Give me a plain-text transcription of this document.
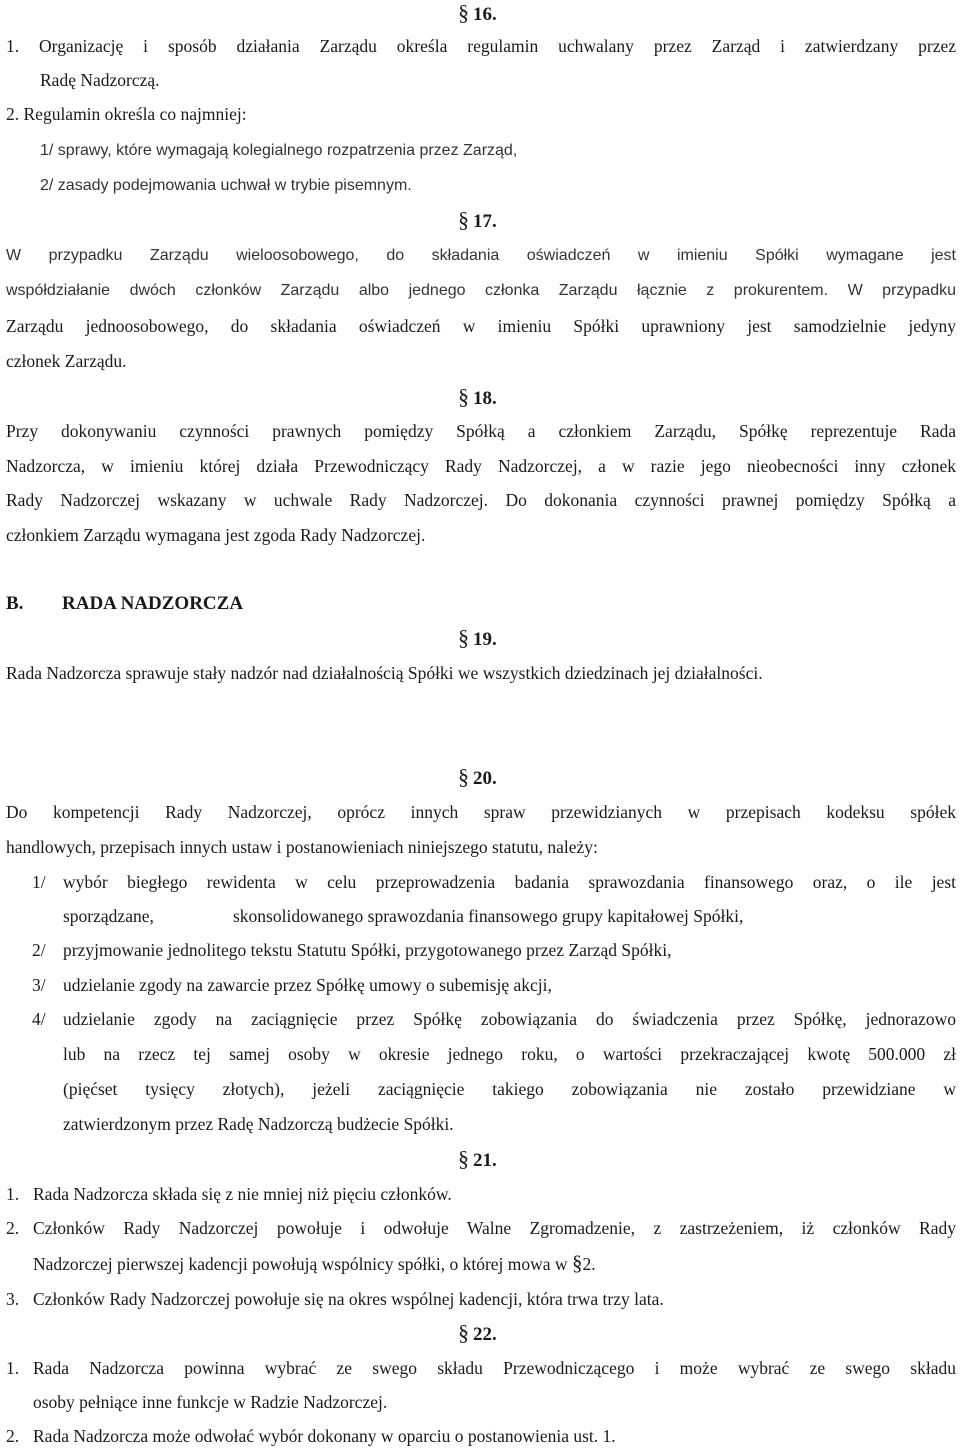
§ 16.
1. Organizację i sposób działania Zarządu określa regulamin uchwalany przez Zarząd i zatwierdzany przez
Radę Nadzorczą.
2. Regulamin określa co najmniej:
1/ sprawy, które wymagają kolegialnego rozpatrzenia przez Zarząd,
2/ zasady podejmowania uchwał w trybie pisemnym.
§ 17.
W przypadku Zarządu wieloosobowego, do składania oświadczeń w imieniu Spółki wymagane jest
współdziałanie dwóch członków Zarządu albo jednego członka Zarządu łącznie z prokurentem. W przypadku
Zarządu jednoosobowego, do składania oświadczeń w imieniu Spółki uprawniony jest samodzielnie jedyny
członek Zarządu.
§ 18.
Przy dokonywaniu czynności prawnych pomiędzy Spółką a członkiem Zarządu, Spółkę reprezentuje Rada
Nadzorcza, w imieniu której działa Przewodniczący Rady Nadzorczej, a w razie jego nieobecności inny członek
Rady Nadzorczej wskazany w uchwale Rady Nadzorczej. Do dokonania czynności prawnej pomiędzy Spółką a
członkiem Zarządu wymagana jest zgoda Rady Nadzorczej.
B. RADA NADZORCZA
§ 19.
Rada Nadzorcza sprawuje stały nadzór nad działalnością Spółki we wszystkich dziedzinach jej działalności.
§ 20.
Do kompetencji Rady Nadzorczej, oprócz innych spraw przewidzianych w przepisach kodeksu spółek
handlowych, przepisach innych ustaw i postanowieniach niniejszego statutu, należy:
1/ wybór biegłego rewidenta w celu przeprowadzenia badania sprawozdania finansowego oraz, o ile jest
sporządzane,	skonsolidowanego sprawozdania finansowego grupy kapitałowej Spółki,
2/ przyjmowanie jednolitego tekstu Statutu Spółki, przygotowanego przez Zarząd Spółki,
3/ udzielanie zgody na zawarcie przez Spółkę umowy o subemisję akcji,
4/ udzielanie zgody na zaciągnięcie przez Spółkę zobowiązania do świadczenia przez Spółkę, jednorazowo
lub na rzecz tej samej osoby w okresie jednego roku, o wartości przekraczającej kwotę 500.000 zł
(pięćset tysięcy złotych), jeżeli zaciągnięcie takiego zobowiązania nie zostało przewidziane w
zatwierdzonym przez Radę Nadzorczą budżecie Spółki.
§ 21.
1. Rada Nadzorcza składa się z nie mniej niż pięciu członków.
2. Członków Rady Nadzorczej powołuje i odwołuje Walne Zgromadzenie, z zastrzeżeniem, iż członków Rady
Nadzorczej pierwszej kadencji powołują wspólnicy spółki, o której mowa w §2.
3. Członków Rady Nadzorczej powołuje się na okres wspólnej kadencji, która trwa trzy lata.
§ 22.
1. Rada Nadzorcza powinna wybrać ze swego składu Przewodniczącego i może wybrać ze swego składu
osoby pełniące inne funkcje w Radzie Nadzorczej.
2. Rada Nadzorcza może odwołać wybór dokonany w oparciu o postanowienia ust. 1.
